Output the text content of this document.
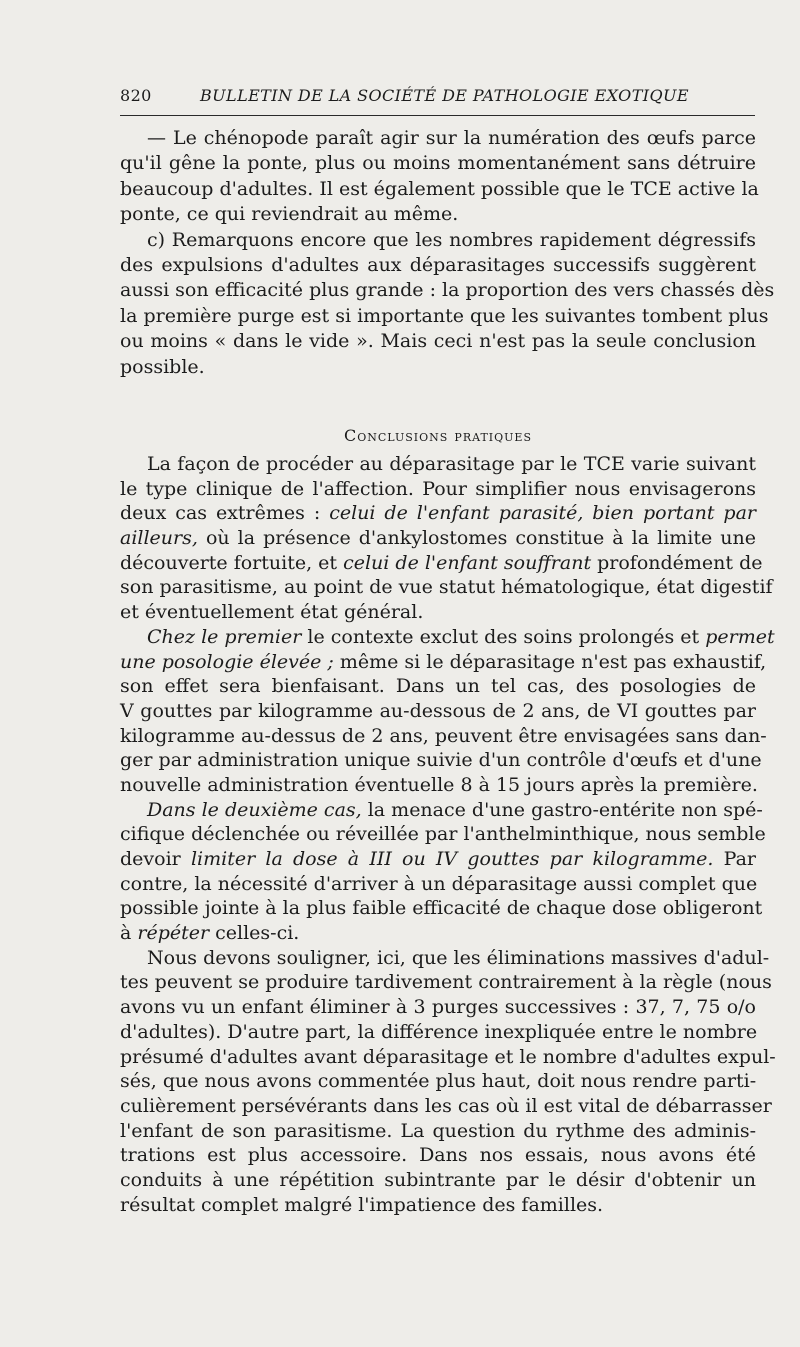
820	BULLETIN DE LA SOCIÉTÉ DE PATHOLOGIE EXOTIQUE
— Le chénopode paraît agir sur la numération des œufs parce
qu'il gêne la ponte, plus ou moins momentanément sans détruire
beaucoup d'adultes. Il est également possible que le TCE active la
ponte, ce qui reviendrait au même.
c) Remarquons encore que les nombres rapidement dégressifs
des expulsions d'adultes aux déparasitages successifs suggèrent
aussi son efficacité plus grande : la proportion des vers chassés dès
la première purge est si importante que les suivantes tombent plus
ou moins « dans le vide ». Mais ceci n'est pas la seule conclusion
possible.
Conclusions pratiques
La façon de procéder au déparasitage par le TCE varie suivant
le type clinique de l'affection. Pour simplifier nous envisagerons
deux cas extrêmes : celui de l'enfant parasité, bien portant par
ailleurs, où la présence d'ankylostomes constitue à la limite une
découverte fortuite, et celui de l'enfant souffrant profondément de
son parasitisme, au point de vue statut hématologique, état digestif
et éventuellement état général.
Chez le premier le contexte exclut des soins prolongés et permet
une posologie élevée ; même si le déparasitage n'est pas exhaustif,
son effet sera bienfaisant. Dans un tel cas, des posologies de
V gouttes par kilogramme au-dessous de 2 ans, de VI gouttes par
kilogramme au-dessus de 2 ans, peuvent être envisagées sans dan-
ger par administration unique suivie d'un contrôle d'œufs et d'une
nouvelle administration éventuelle 8 à 15 jours après la première.
Dans le deuxième cas, la menace d'une gastro-entérite non spé-
cifique déclenchée ou réveillée par l'anthelminthique, nous semble
devoir limiter la dose à III ou IV gouttes par kilogramme. Par
contre, la nécessité d'arriver à un déparasitage aussi complet que
possible jointe à la plus faible efficacité de chaque dose obligeront
à répéter celles-ci.
Nous devons souligner, ici, que les éliminations massives d'adul-
tes peuvent se produire tardivement contrairement à la règle (nous
avons vu un enfant éliminer à 3 purges successives : 37, 7, 75 o/o
d'adultes). D'autre part, la différence inexpliquée entre le nombre
présumé d'adultes avant déparasitage et le nombre d'adultes expul-
sés, que nous avons commentée plus haut, doit nous rendre parti-
culièrement persévérants dans les cas où il est vital de débarrasser
l'enfant de son parasitisme. La question du rythme des adminis-
trations est plus accessoire. Dans nos essais, nous avons été
conduits à une répétition subintrante par le désir d'obtenir un
résultat complet malgré l'impatience des familles.
